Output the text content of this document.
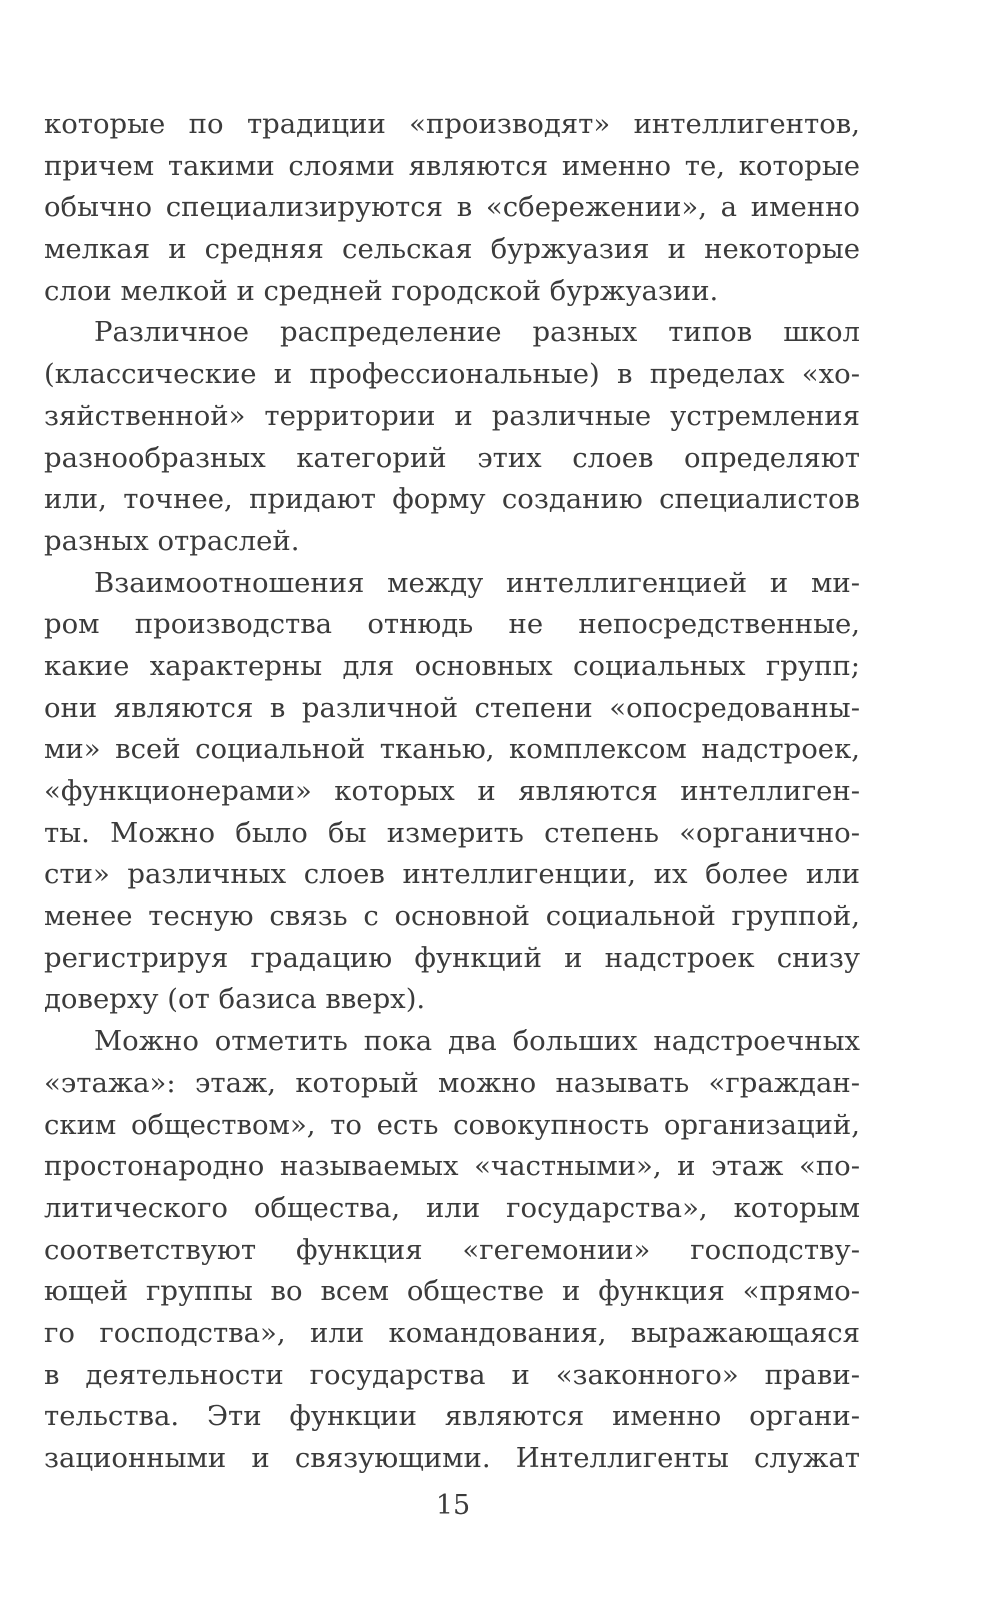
которые по традиции «производят» интеллигентов,
причем такими слоями являются именно те, которые
обычно специализируются в «сбережении», а именно
мелкая и средняя сельская буржуазия и некоторые
слои мелкой и средней городской буржуазии.
Различное распределение разных типов школ
(классические и профессиональные) в пределах «хо-
зяйственной» территории и различные устремления
разнообразных категорий этих слоев определяют
или, точнее, придают форму созданию специалистов
разных отраслей.
Взаимоотношения между интеллигенцией и ми-
ром производства отнюдь не непосредственные,
какие характерны для основных социальных групп;
они являются в различной степени «опосредованны-
ми» всей социальной тканью, комплексом надстроек,
«функционерами» которых и являются интеллиген-
ты. Можно было бы измерить степень «органично-
сти» различных слоев интеллигенции, их более или
менее тесную связь с основной социальной группой,
регистрируя градацию функций и надстроек снизу
доверху (от базиса вверх).
Можно отметить пока два больших надстроечных
«этажа»: этаж, который можно называть «граждан-
ским обществом», то есть совокупность организаций,
простонародно называемых «частными», и этаж «по-
литического общества, или государства», которым
соответствуют функция «гегемонии» господству-
ющей группы во всем обществе и функция «прямо-
го господства», или командования, выражающаяся
в деятельности государства и «законного» прави-
тельства. Эти функции являются именно органи-
зационными и связующими. Интеллигенты служат
15
